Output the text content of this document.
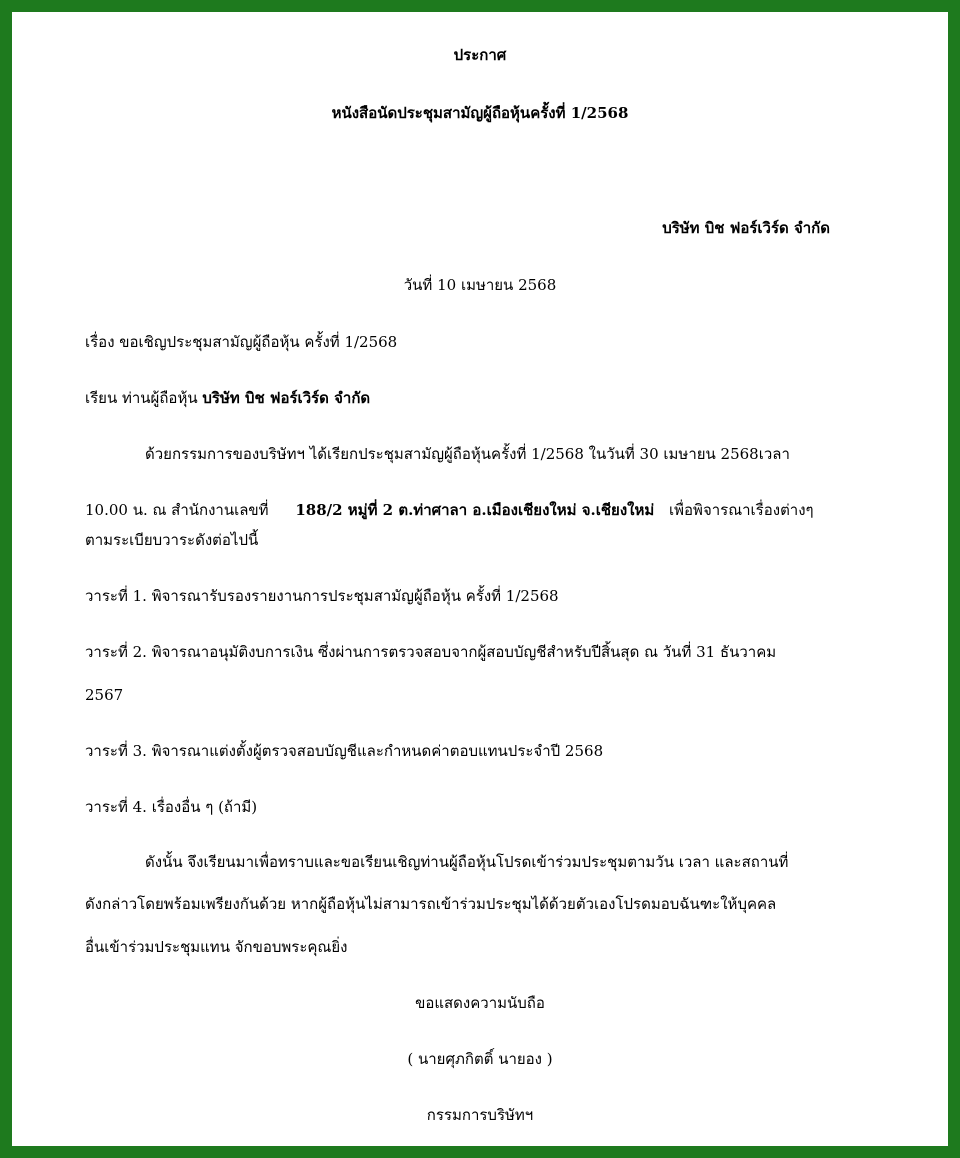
ประกาศ
หนังสือนัดประชุมสามัญผู้ถือหุ้นครั้งที่ 1/2568
บริษัท บิช ฟอร์เวิร์ด จำกัด
วันที่ 10 เมษายน 2568
เรื่อง ขอเชิญประชุมสามัญผู้ถือหุ้น ครั้งที่ 1/2568
เรียน ท่านผู้ถือหุ้น บริษัท บิช ฟอร์เวิร์ด จำกัด
ด้วยกรรมการของบริษัทฯ ได้เรียกประชุมสามัญผู้ถือหุ้นครั้งที่ 1/2568 ในวันที่ 30 เมษายน 2568เวลา
10.00 น. ณ สำนักงานเลขที่ 188/2 หมู่ที่ 2 ต.ท่าศาลา อ.เมืองเชียงใหม่ จ.เชียงใหม่ เพื่อพิจารณาเรื่องต่างๆ
ตามระเบียบวาระดังต่อไปนี้
วาระที่ 1. พิจารณารับรองรายงานการประชุมสามัญผู้ถือหุ้น ครั้งที่ 1/2568
วาระที่ 2. พิจารณาอนุมัติงบการเงิน ซึ่งผ่านการตรวจสอบจากผู้สอบบัญชีสำหรับปีสิ้นสุด ณ วันที่ 31 ธันวาคม
2567
วาระที่ 3. พิจารณาแต่งตั้งผู้ตรวจสอบบัญชีและกำหนดค่าตอบแทนประจำปี 2568
วาระที่ 4. เรื่องอื่น ๆ (ถ้ามี)
ดังนั้น จึงเรียนมาเพื่อทราบและขอเรียนเชิญท่านผู้ถือหุ้นโปรดเข้าร่วมประชุมตามวัน เวลา และสถานที่
ดังกล่าวโดยพร้อมเพรียงกันด้วย หากผู้ถือหุ้นไม่สามารถเข้าร่วมประชุมได้ด้วยตัวเองโปรดมอบฉันฑะให้บุคคล
อื่นเข้าร่วมประชุมแทน จักขอบพระคุณยิ่ง
ขอแสดงความนับถือ
( นายศุภกิตติ์ นายอง )
กรรมการบริษัทฯ
